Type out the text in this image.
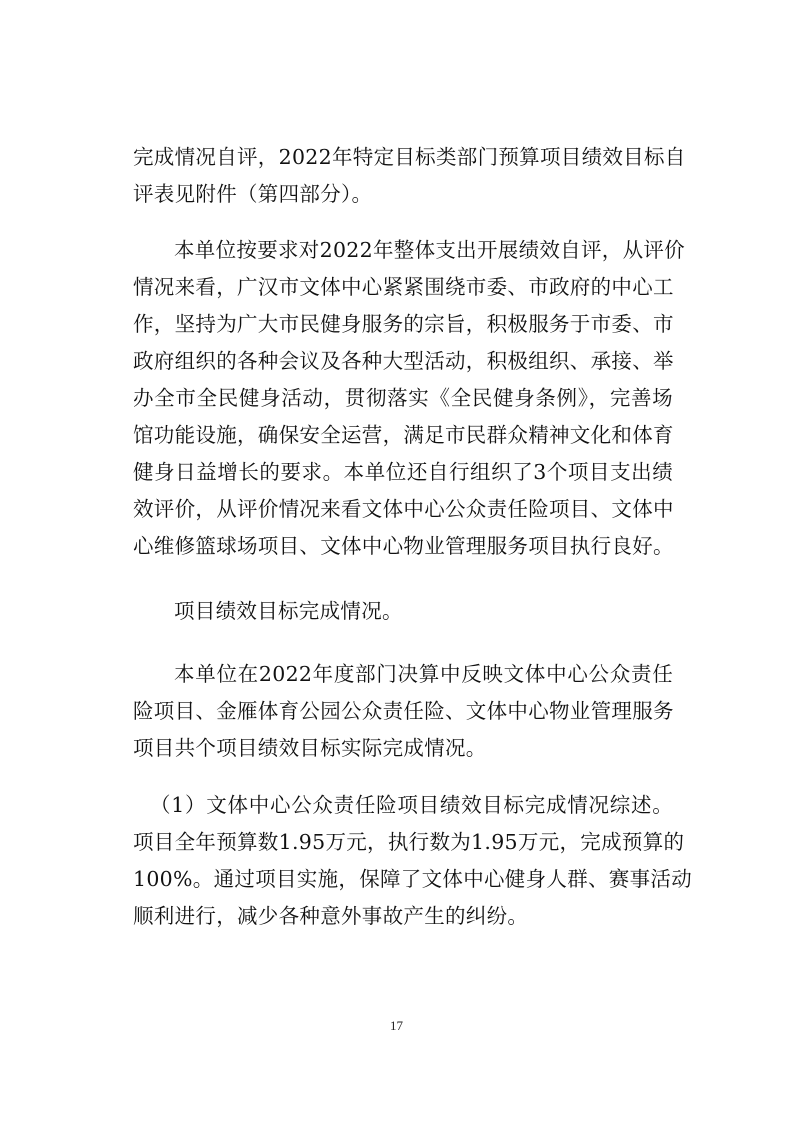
完成情况自评，2022年特定目标类部门预算项目绩效目标自
评表见附件（第四部分）。
本单位按要求对2022年整体支出开展绩效自评，从评价
情况来看，广汉市文体中心紧紧围绕市委、市政府的中心工
作，坚持为广大市民健身服务的宗旨，积极服务于市委、市
政府组织的各种会议及各种大型活动，积极组织、承接、举
办全市全民健身活动，贯彻落实《全民健身条例》，完善场
馆功能设施，确保安全运营，满足市民群众精神文化和体育
健身日益增长的要求。本单位还自行组织了3个项目支出绩
效评价，从评价情况来看文体中心公众责任险项目、文体中
心维修篮球场项目、文体中心物业管理服务项目执行良好。
项目绩效目标完成情况。
本单位在2022年度部门决算中反映文体中心公众责任
险项目、金雁体育公园公众责任险、文体中心物业管理服务
项目共个项目绩效目标实际完成情况。
（1）文体中心公众责任险项目绩效目标完成情况综述。
项目全年预算数1.95万元，执行数为1.95万元，完成预算的
100%。通过项目实施，保障了文体中心健身人群、赛事活动
顺利进行，减少各种意外事故产生的纠纷。
17
